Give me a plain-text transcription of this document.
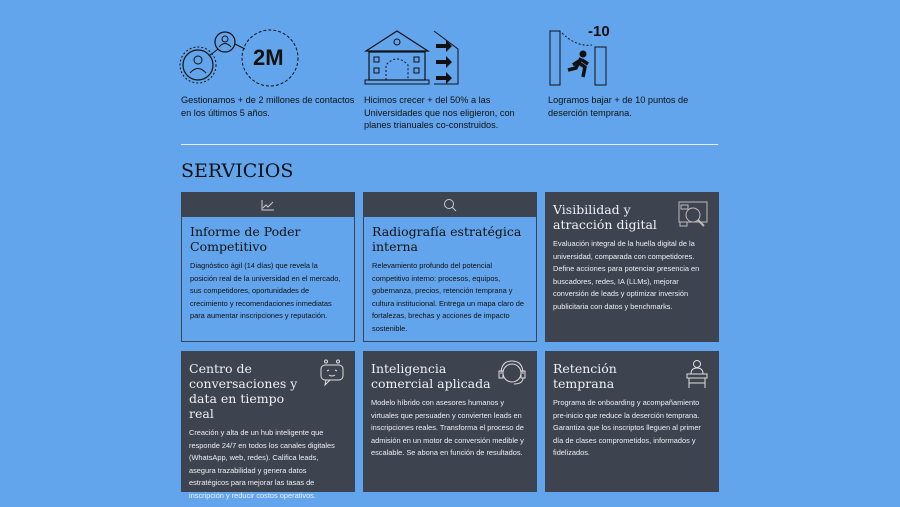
2M

Gestionamos + de 2 millones de contactos en los últimos 5 años.

Hicimos crecer + del 50% a las Universidades que nos eligieron, con planes trianuales co-construidos.

-10

Logramos bajar + de 10 puntos de deserción temprana.

SERVICIOS
Informe de Poder Competitivo

Diagnóstico ágil (14 días) que revela la posición real de la universidad en el mercado, sus competidores, oportunidades de crecimiento y recomendaciones inmediatas para aumentar inscripciones y reputación.

Radiografía estratégica interna

Relevamiento profundo del potencial competitivo interno: procesos, equipos, gobernanza, precios, retención temprana y cultura institucional. Entrega un mapa claro de fortalezas, brechas y acciones de impacto sostenible.

Visibilidad y atracción digital

Evaluación integral de la huella digital de la universidad, comparada con competidores. Define acciones para potenciar presencia en buscadores, redes, IA (LLMs), mejorar conversión de leads y optimizar inversión publicitaria con datos y benchmarks.

Centro de conversaciones y data en tiempo real

Creación y alta de un hub inteligente que responde 24/7 en todos los canales digitales (WhatsApp, web, redes). Califica leads, asegura trazabilidad y genera datos estratégicos para mejorar las tasas de inscripción y reducir costos operativos.

Inteligencia comercial aplicada

Modelo híbrido con asesores humanos y virtuales que persuaden y convierten leads en inscripciones reales. Transforma el proceso de admisión en un motor de conversión medible y escalable. Se abona en función de resultados.

Retención temprana

Programa de onboarding y acompañamiento pre-inicio que reduce la deserción temprana. Garantiza que los inscriptos lleguen al primer día de clases comprometidos, informados y fidelizados.
